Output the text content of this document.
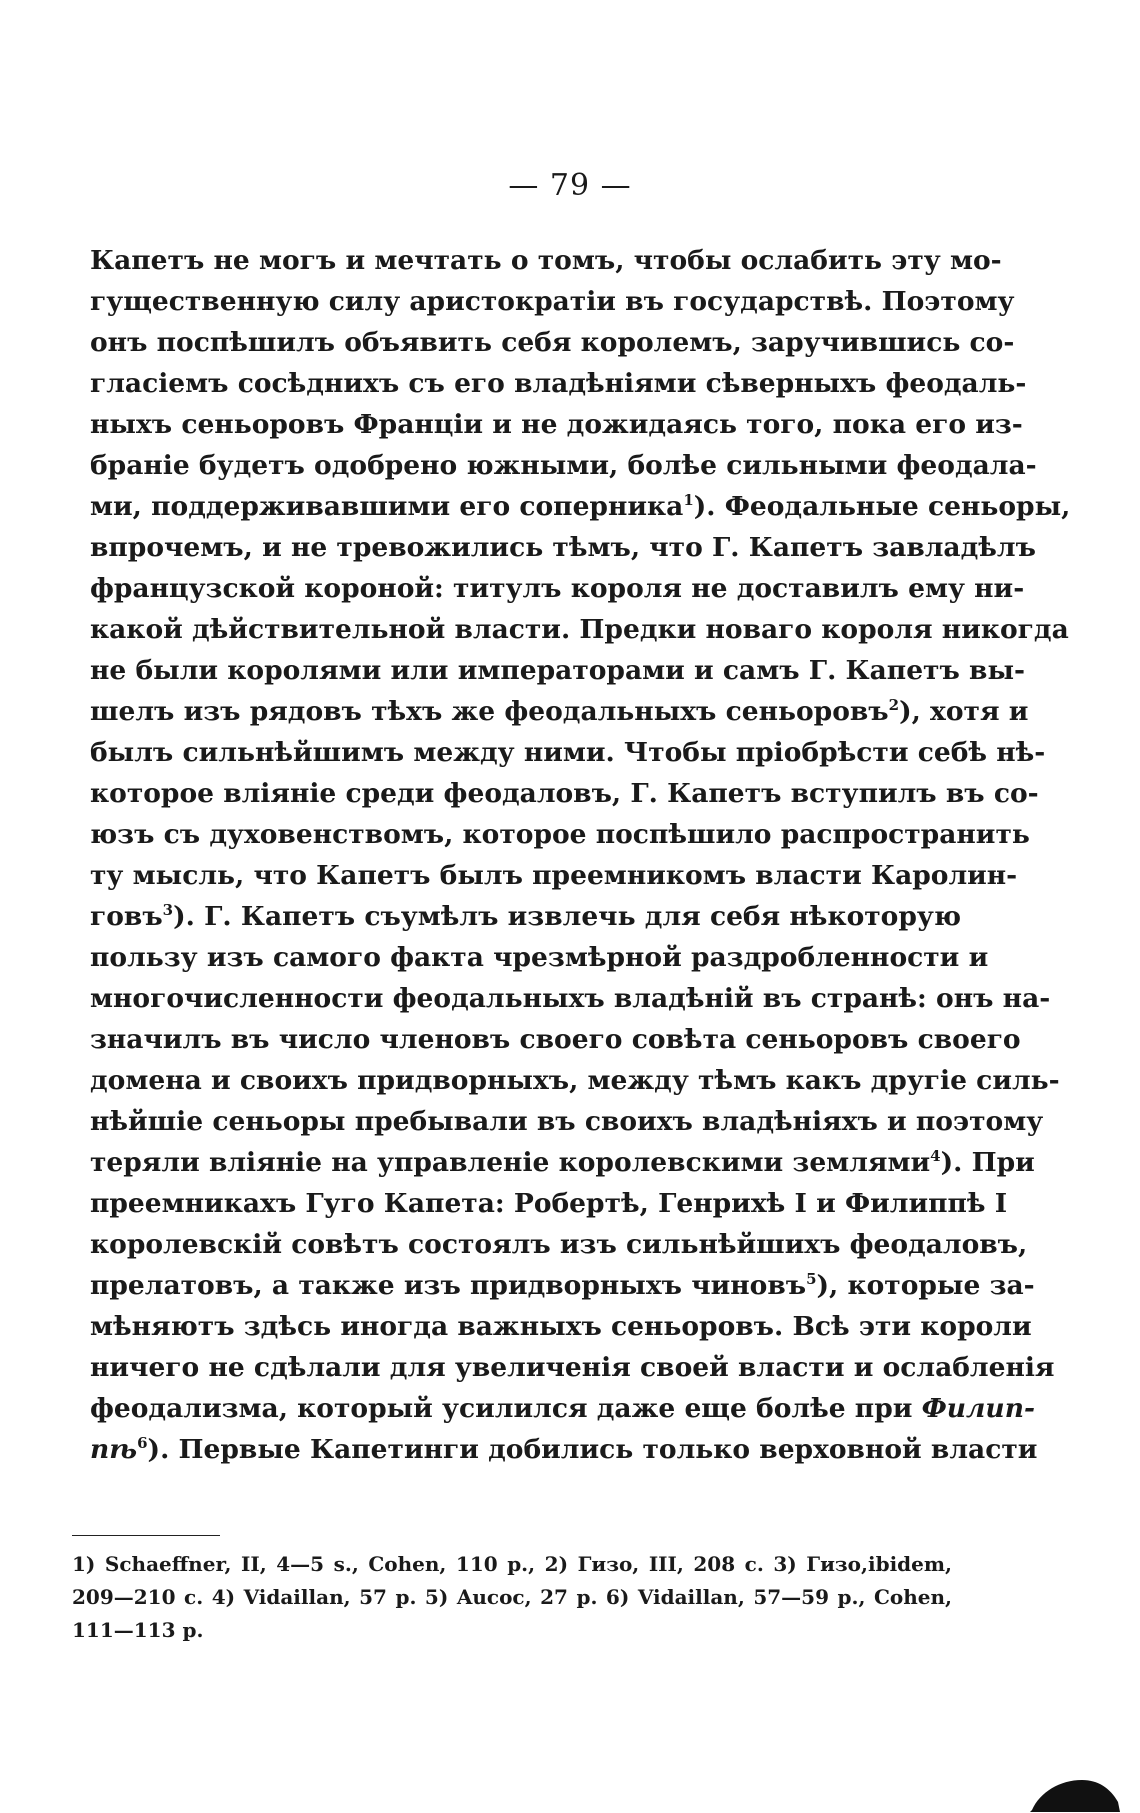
— 79 —
Капетъ не могъ и мечтать о томъ, чтобы ослабить эту мо-
гущественную силу аристократіи въ государствѣ. Поэтому
онъ поспѣшилъ объявить себя королемъ, заручившись со-
гласіемъ сосѣднихъ съ его владѣніями сѣверныхъ феодаль-
ныхъ сеньоровъ Франціи и не дожидаясь того, пока его из-
браніе будетъ одобрено южными, болѣе сильными феодала-
ми, поддерживавшими его соперника$^1$). Феодальные сеньоры,
впрочемъ, и не тревожились тѣмъ, что Г. Капетъ завладѣлъ
французской короной: титулъ короля не доставилъ ему ни-
какой дѣйствительной власти. Предки новаго короля никогда
не были королями или императорами и самъ Г. Капетъ вы-
шелъ изъ рядовъ тѣхъ же феодальныхъ сеньоровъ$^2$), хотя и
былъ сильнѣйшимъ между ними. Чтобы пріобрѣсти себѣ нѣ-
которое вліяніе среди феодаловъ, Г. Капетъ вступилъ въ со-
юзъ съ духовенствомъ, которое поспѣшило распространить
ту мысль, что Капетъ былъ преемникомъ власти Каролин-
говъ$^3$). Г. Капетъ съумѣлъ извлечь для себя нѣкоторую
пользу изъ самого факта чрезмѣрной раздробленности и
многочисленности феодальныхъ владѣній въ странѣ: онъ на-
значилъ въ число членовъ своего совѣта сеньоровъ своего
домена и своихъ придворныхъ, между тѣмъ какъ другіе силь-
нѣйшіе сеньоры пребывали въ своихъ владѣніяхъ и поэтому
теряли вліяніе на управленіе королевскими землями$^4$). При
преемникахъ Гуго Капета: Робертѣ, Генрихѣ I и Филиппѣ I
королевскій совѣтъ состоялъ изъ сильнѣйшихъ феодаловъ,
прелатовъ, а также изъ придворныхъ чиновъ$^5$), которые за-
мѣняютъ здѣсь иногда важныхъ сеньоровъ. Всѣ эти короли
ничего не сдѣлали для увеличенія своей власти и ослабленія
феодализма, который усилился даже еще болѣе при Филип-
$пѣ^6$). Первые Капетинги добились только верховной власти
1) Schaeffner, II, 4—5 s., Cohen, 110 p., 2) Гизо, III, 208 с. 3) Гизо,ibidem,
209—210 с. 4) Vidaillan, 57 p. 5) Aucoc, 27 p. 6) Vidaillan, 57—59 p., Cohen,
111—113 p.
